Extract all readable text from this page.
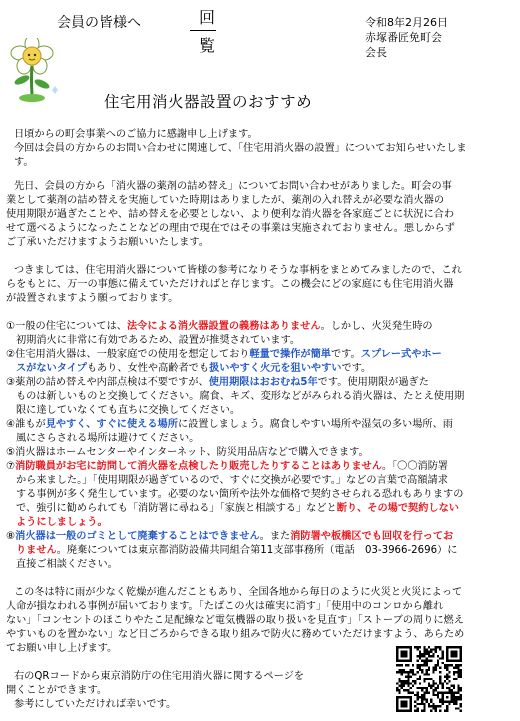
会員の皆様へ	回
覧
令和8年2月26日
赤塚番匠免町会
会長
住宅用消火器設置のおすすめ
日頃からの町会事業へのご協力に感謝申し上げます。
今回は会員の方からのお問い合わせに関連して、「住宅用消火器の設置」についてお知らせいたしま
す。
先日、会員の方から「消火器の薬剤の詰め替え」についてお問い合わせがありました。町会の事
業として薬剤の詰め替えを実施していた時期はありましたが、薬剤の入れ替えが必要な消火器の
使用期限が過ぎたことや、詰め替えを必要としない、より便利な消火器を各家庭ごとに状況に合わ
せて選べるようになったことなどの理由で現在ではその事業は実施されておりません。悪しからず
ご了承いただけますようお願いいたします。
つきましては、住宅用消火器について皆様の参考になりそうな事柄をまとめてみましたので、これ
らをもとに、万一の事態に備えていただければと存じます。この機会にどの家庭にも住宅用消火器
が設置されますよう願っております。
①一般の住宅については、法令による消火器設置の義務はありません。しかし、火災発生時の
初期消火に非常に有効であるため、設置が推奨されています。
②住宅用消火器は、一般家庭での使用を想定しており軽量で操作が簡単です。スプレー式やホー
スがないタイプもあり、女性や高齢者でも扱いやすく火元を狙いやすいです。
③薬剤の詰め替えや内部点検は不要ですが、使用期限はおおむね5年です。使用期限が過ぎた
ものは新しいものと交換してください。腐食、キズ、変形などがみられる消火器は、たとえ使用期
限に達していなくても直ちに交換してください。
④誰もが見やすく、すぐに使える場所に設置しましょう。腐食しやすい場所や湿気の多い場所、雨
風にさらされる場所は避けてください。
⑤消火器はホームセンターやインターネット、防災用品店などで購入できます。
⑦消防職員がお宅に訪問して消火器を点検したり販売したりすることはありません。「〇〇消防署
から来ました。」「使用期限が過ぎているので、すぐに交換が必要です。」などの言葉で高額請求
する事例が多く発生しています。必要のない箇所や法外な価格で契約させられる恐れもありますの
で、強引に勧められても「消防署に尋ねる」「家族と相談する」などと断り、その場で契約しない
ようにしましょう。
⑧消火器は一般のゴミとして廃棄することはできません。また消防署や板橋区でも回収を行ってお
りません。廃棄については東京都消防設備共同組合第11支部事務所（電話　03-3966-2696）に
直接ご相談ください。
この冬は特に雨が少なく乾燥が進んだこともあり、全国各地から毎日のように火災と火災によって
人命が損なわれる事例が届いております。「たばこの火は確実に消す」「使用中のコンロから離れ
ない」「コンセントのほこりやたこ足配線など電気機器の取り扱いを見直す」「ストーブの周りに燃え
やすいものを置かない」など日ごろからできる取り組みで防火に務めていただけますよう、あらため
てお願い申し上げます。
右のQRコードから東京消防庁の住宅用消火器に関するページを
開くことができます。
参考にしていただければ幸いです。
